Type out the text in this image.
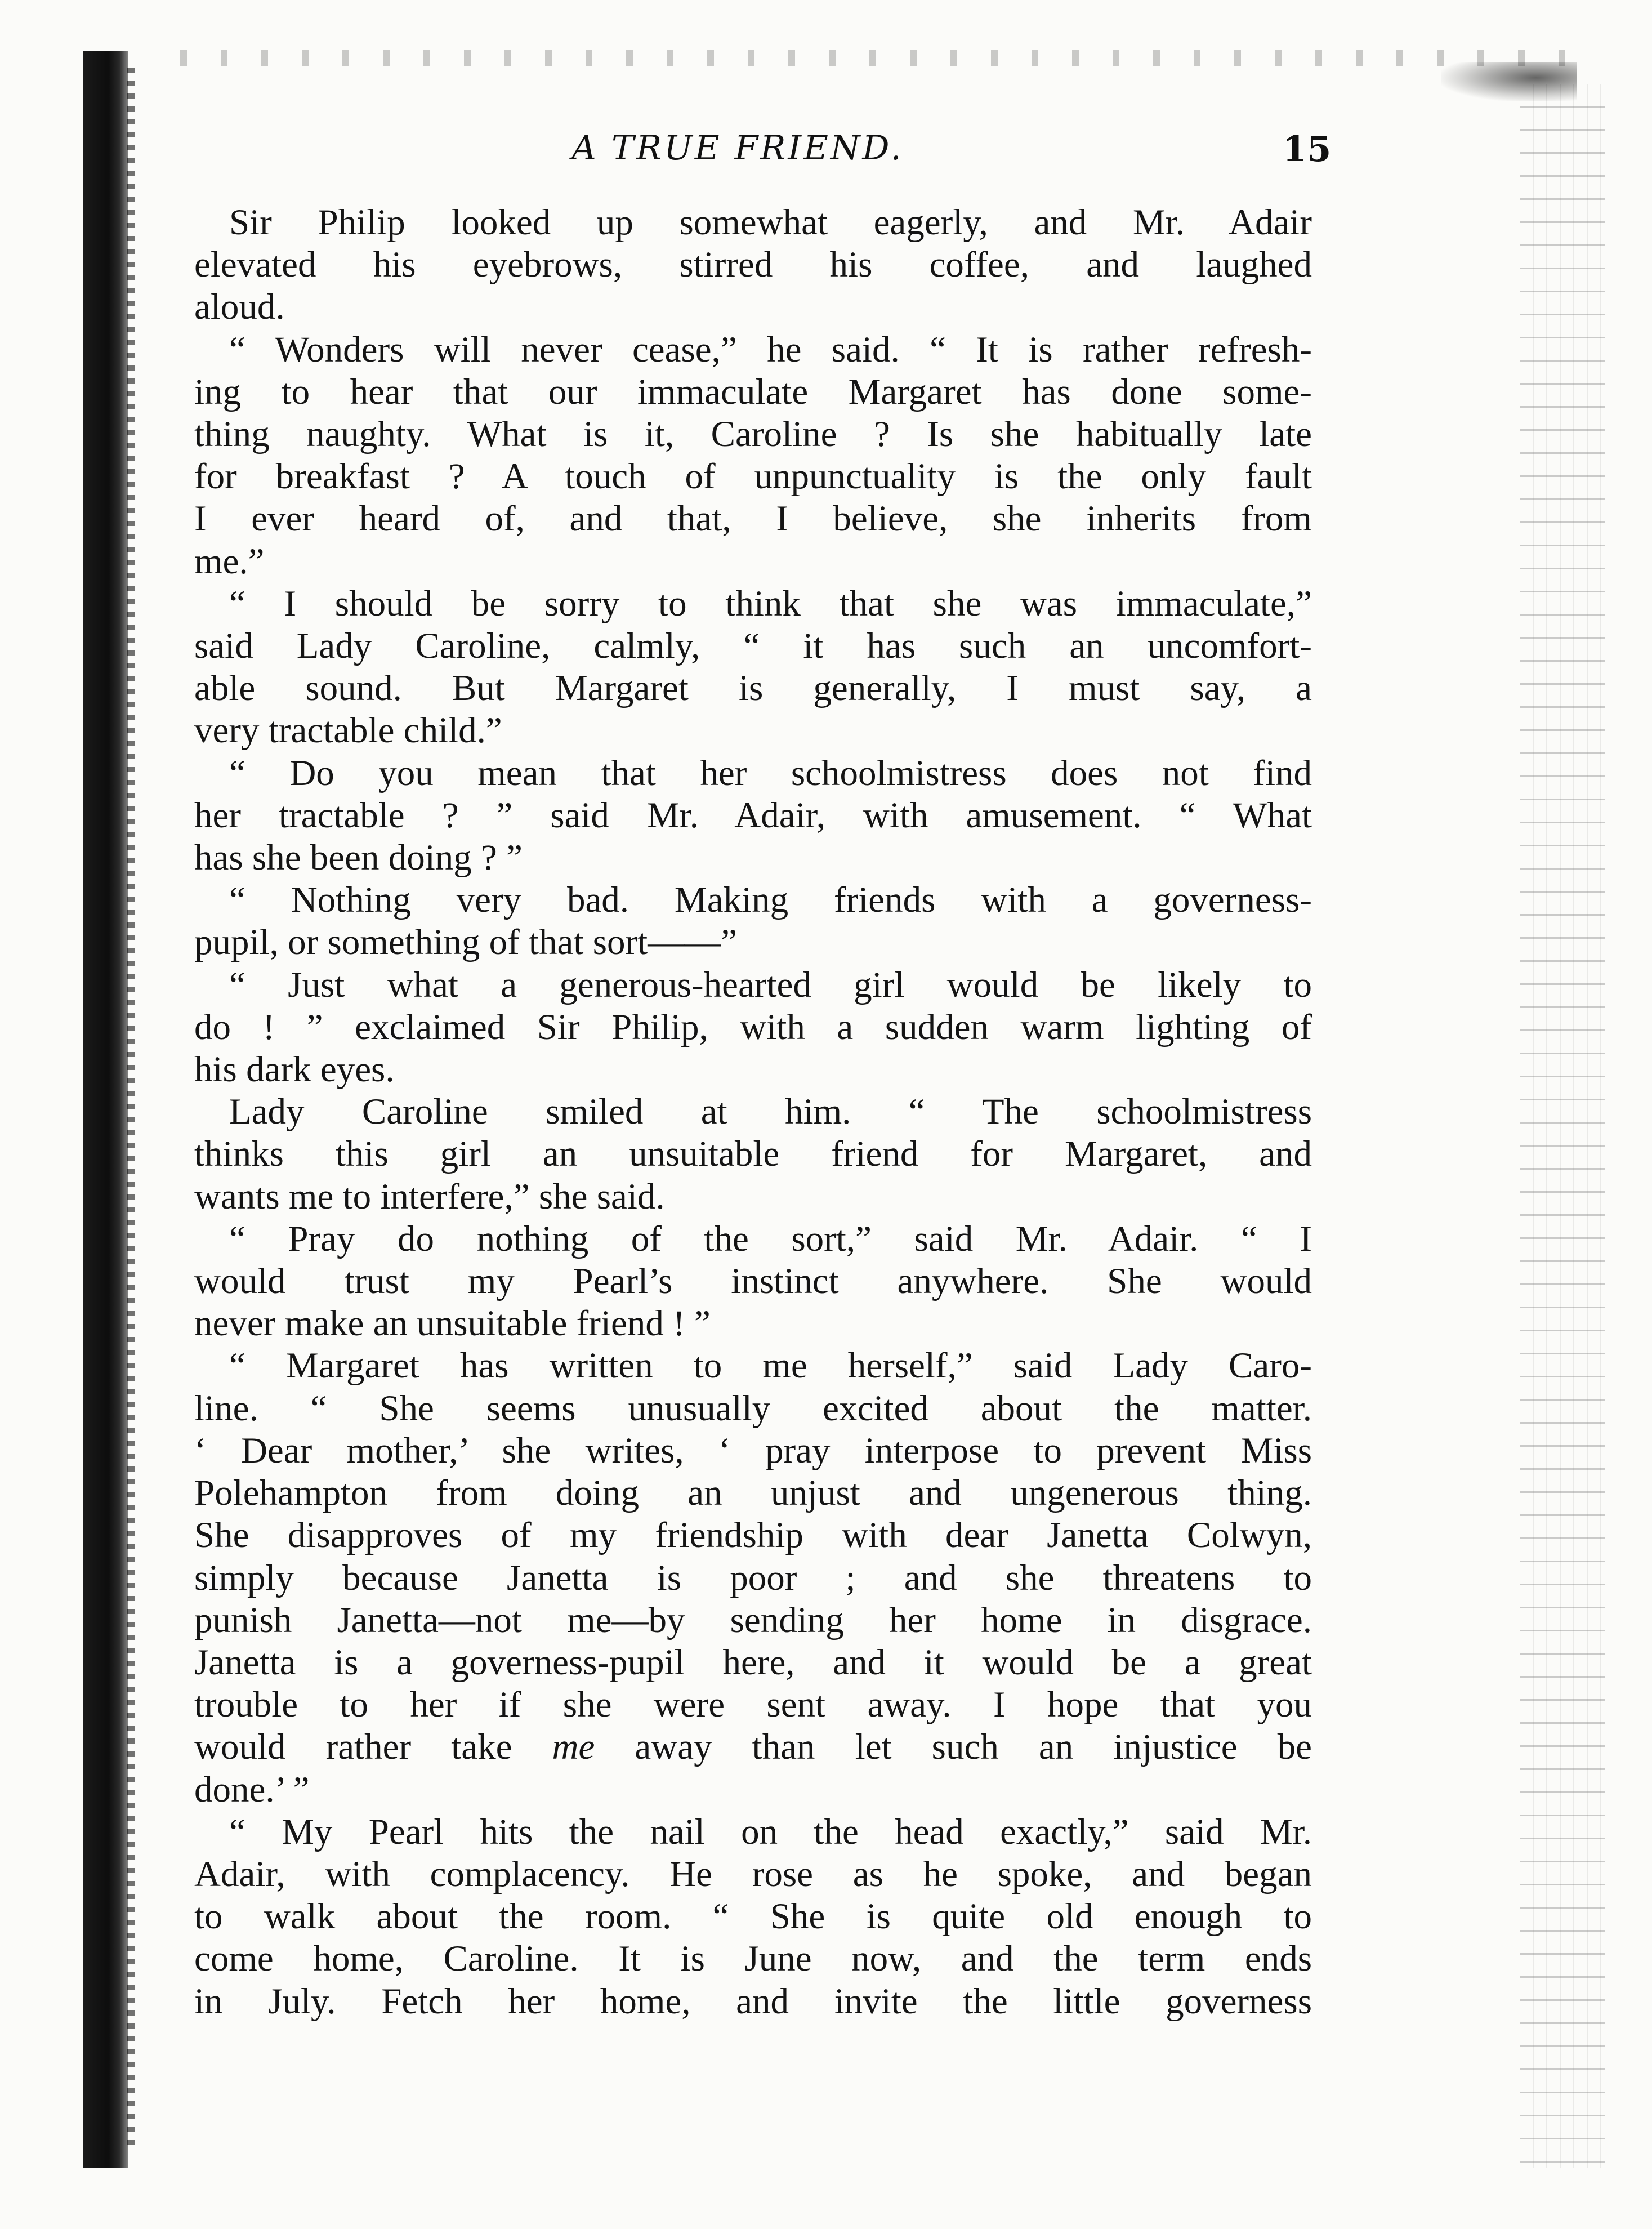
A TRUE FRIEND.	15
Sir Philip looked up somewhat eagerly, and Mr. Adair
elevated his eyebrows, stirred his coffee, and laughed
aloud.
“ Wonders will never cease,” he said. “ It is rather refresh-
ing to hear that our immaculate Margaret has done some-
thing naughty. What is it, Caroline ? Is she habitually late
for breakfast ? A touch of unpunctuality is the only fault
I ever heard of, and that, I believe, she inherits from
me.”
“ I should be sorry to think that she was immaculate,”
said Lady Caroline, calmly, “ it has such an uncomfort-
able sound. But Margaret is generally, I must say, a
very tractable child.”
“ Do you mean that her schoolmistress does not find
her tractable ? ” said Mr. Adair, with amusement. “ What
has she been doing ? ”
“ Nothing very bad. Making friends with a governess-
pupil, or something of that sort——”
“ Just what a generous-hearted girl would be likely to
do ! ” exclaimed Sir Philip, with a sudden warm lighting of
his dark eyes.
Lady Caroline smiled at him. “ The schoolmistress
thinks this girl an unsuitable friend for Margaret, and
wants me to interfere,” she said.
“ Pray do nothing of the sort,” said Mr. Adair. “ I
would trust my Pearl’s instinct anywhere. She would
never make an unsuitable friend ! ”
“ Margaret has written to me herself,” said Lady Caro-
line. “ She seems unusually excited about the matter.
‘ Dear mother,’ she writes, ‘ pray interpose to prevent Miss
Polehampton from doing an unjust and ungenerous thing.
She disapproves of my friendship with dear Janetta Colwyn,
simply because Janetta is poor ; and she threatens to
punish Janetta—not me—by sending her home in disgrace.
Janetta is a governess-pupil here, and it would be a great
trouble to her if she were sent away. I hope that you
would rather take me away than let such an injustice be
done.’ ”
“ My Pearl hits the nail on the head exactly,” said Mr.
Adair, with complacency. He rose as he spoke, and began
to walk about the room. “ She is quite old enough to
come home, Caroline. It is June now, and the term ends
in July. Fetch her home, and invite the little governess
